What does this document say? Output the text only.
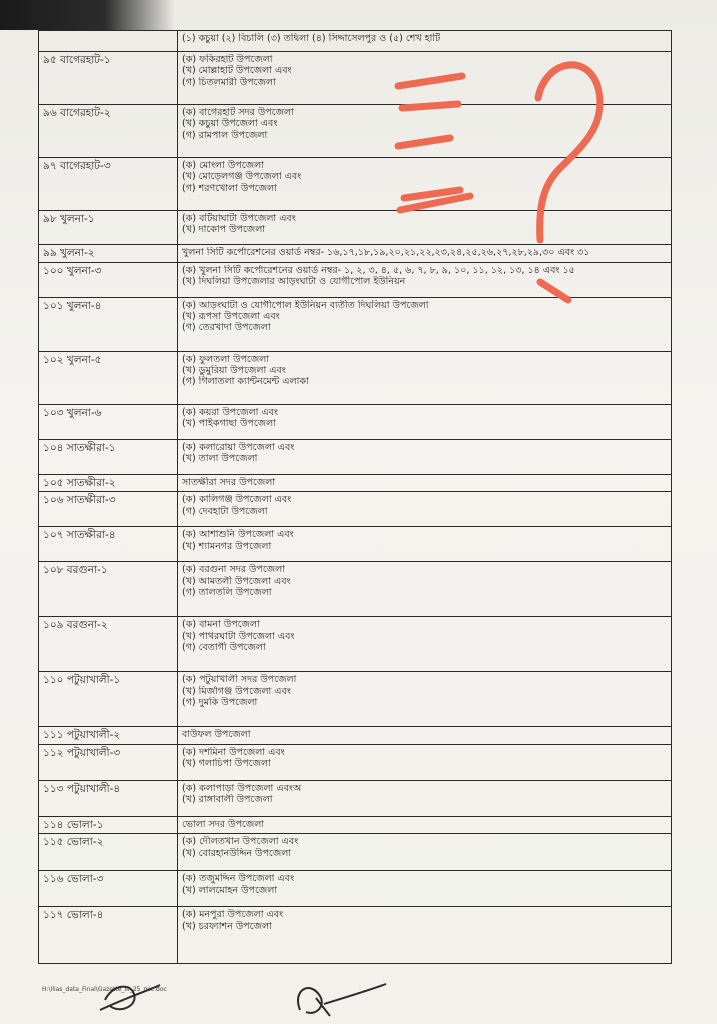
	(১) কচুয়া (২) বিচালি (৩) তদ্বিলা (৪) সিদ্দাসেলপুর ও (৫) শেখ হাটি

৯৫ বাগেরহাট-১	(ক) ফকিরহাট উপজেলা
(খ) মোল্লাহাট উপজেলা এবং
(গ) চিতলমারী উপজেলা

৯৬ বাগেরহাট-২	(ক) বাগেরহাট সদর উপজেলা
(খ) কচুয়া উপজেলা এবং
(গ) রামপাল উপজেলা

৯৭ বাগেরহাট-৩	(ক) মোংলা উপজেলা
(খ) মোড়েলগঞ্জ উপজেলা এবং
(গ) শরণখোলা উপজেলা

৯৮ খুলনা-১	(ক) বটিয়াঘাটা উপজেলা এবং
(খ) দাকোপ উপজেলা

৯৯ খুলনা-২	খুলনা সিটি কর্পোরেশনের ওয়ার্ড নম্বর- ১৬,১৭,১৮,১৯,২০,২১,২২,২৩,২৪,২৫,২৬,২৭,২৮,২৯,৩০ এবং ৩১

১০০ খুলনা-৩	(ক) খুলনা সিটি কর্পোরেশনের ওয়ার্ড নম্বর- ১, ২, ৩, ৪, ৫, ৬, ৭, ৮, ৯, ১০, ১১, ১২, ১৩, ১৪ এবং ১৫
(খ) দিঘলিয়া উপজেলার আড়ংঘাটা ও যোগীপোল ইউনিয়ন

১০১ খুলনা-৪	(ক) আড়ংঘাটা ও যোগীপোল ইউনিয়ন ব্যতীত দিঘলিয়া উপজেলা
(খ) রূপসা উপজেলা এবং
(গ) তেরখাদা উপজেলা

১০২ খুলনা-৫	(ক) ফুলতলা উপজেলা
(খ) ডুমুরিয়া উপজেলা এবং
(গ) গিলাতলা ক্যান্টনমেন্ট এলাকা

১০৩ খুলনা-৬	(ক) কয়রা উপজেলা এবং
(খ) পাইকগাছা উপজেলা

১০৪ সাতক্ষীরা-১	(ক) কলারোয়া উপজেলা এবং
(খ) তালা উপজেলা

১০৫ সাতক্ষীরা-২	সাতক্ষীরা সদর উপজেলা

১০৬ সাতক্ষীরা-৩	(ক) কালিগঞ্জ উপজেলা এবং
(গ) দেবহাটা উপজেলা

১০৭ সাতক্ষীরা-৪	(ক) আশাশুনি উপজেলা এবং
(খ) শ্যামনগর উপজেলা

১০৮ বরগুনা-১	(ক) বরগুনা সদর উপজেলা
(খ) আমতলী উপজেলা এবং
(গ) তালতলি উপজেলা

১০৯ বরগুনা-২	(ক) বামনা উপজেলা
(খ) পাথরঘাটা উপজেলা এবং
(গ) বেতাগী উপজেলা

১১০ পটুয়াখালী-১	(ক) পটুয়াখালী সদর উপজেলা
(খ) মির্জাগঞ্জ উপজেলা এবং
(গ) দুমকি উপজেলা

১১১ পটুয়াখালী-২	বাউফল উপজেলা

১১২ পটুয়াখালী-৩	(ক) দশমিনা উপজেলা এবং
(খ) গলাচিপা উপজেলা

১১৩ পটুয়াখালী-৪	(ক) কলাপাড়া উপজেলা এবংঅ
(খ) রাঙ্গাবালী উপজেলা

১১৪ ভোলা-১	ভোলা সদর উপজেলা

১১৫ ভোলা-২	(ক) দৌলতখান উপজেলা এবং
(খ) বোরহানউদ্দিন উপজেলা

১১৬ ভোলা-৩	(ক) তজুমদ্দিন উপজেলা এবং
(খ) লালমোহন উপজেলা

১১৭ ভোলা-৪	(ক) মনপুরা উপজেলা এবং
(খ) চরফ্যাশন উপজেলা
H:\Ilias_data_Final\Gazette_III_25_mic.doc
